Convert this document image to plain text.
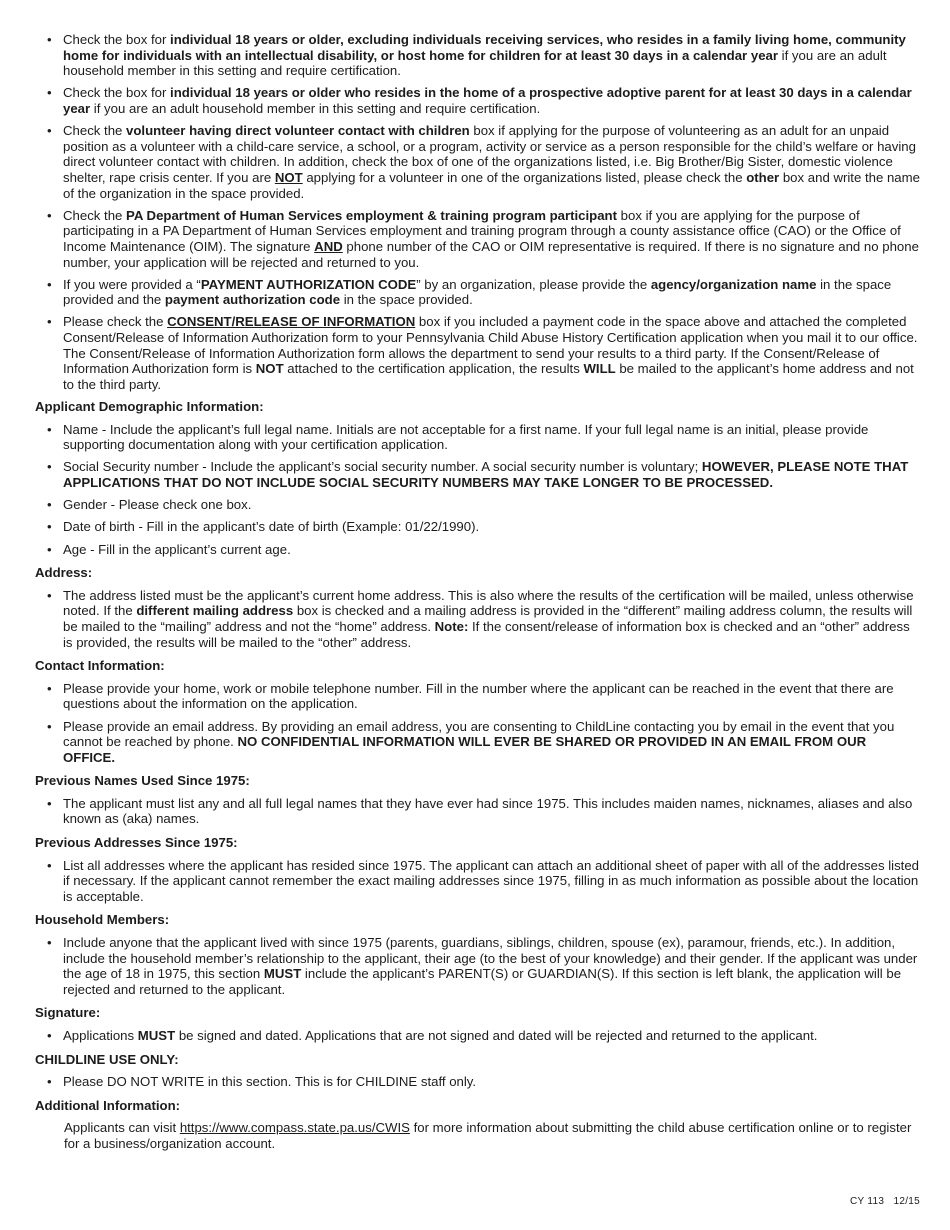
• Check the box for individual 18 years or older, excluding individuals receiving services, who resides in a family living home, community home for individuals with an intellectual disability, or host home for children for at least 30 days in a calendar year if you are an adult household member in this setting and require certification.
• Check the box for individual 18 years or older who resides in the home of a prospective adoptive parent for at least 30 days in a calendar year if you are an adult household member in this setting and require certification.
• Check the volunteer having direct volunteer contact with children box if applying for the purpose of volunteering as an adult for an unpaid position as a volunteer with a child-care service, a school, or a program, activity or service as a person responsible for the child’s welfare or having direct volunteer contact with children. In addition, check the box of one of the organizations listed, i.e. Big Brother/Big Sister, domestic violence shelter, rape crisis center. If you are NOT applying for a volunteer in one of the organizations listed, please check the other box and write the name of the organization in the space provided.
• Check the PA Department of Human Services employment & training program participant box if you are applying for the purpose of participating in a PA Department of Human Services employment and training program through a county assistance office (CAO) or the Office of Income Maintenance (OIM). The signature AND phone number of the CAO or OIM representative is required. If there is no signature and no phone number, your application will be rejected and returned to you.
• If you were provided a “PAYMENT AUTHORIZATION CODE” by an organization, please provide the agency/organization name in the space provided and the payment authorization code in the space provided.
• Please check the CONSENT/RELEASE OF INFORMATION box if you included a payment code in the space above and attached the completed Consent/Release of Information Authorization form to your Pennsylvania Child Abuse History Certification application when you mail it to our office. The Consent/Release of Information Authorization form allows the department to send your results to a third party. If the Consent/Release of Information Authorization form is NOT attached to the certification application, the results WILL be mailed to the applicant’s home address and not to the third party.
Applicant Demographic Information:
• Name - Include the applicant’s full legal name. Initials are not acceptable for a first name. If your full legal name is an initial, please provide supporting documentation along with your certification application.
• Social Security number - Include the applicant’s social security number. A social security number is voluntary; HOWEVER, PLEASE NOTE THAT APPLICATIONS THAT DO NOT INCLUDE SOCIAL SECURITY NUMBERS MAY TAKE LONGER TO BE PROCESSED.
• Gender - Please check one box.
• Date of birth - Fill in the applicant’s date of birth (Example: 01/22/1990).
• Age - Fill in the applicant’s current age.
Address:
• The address listed must be the applicant’s current home address. This is also where the results of the certification will be mailed, unless otherwise noted. If the different mailing address box is checked and a mailing address is provided in the “different” mailing address column, the results will be mailed to the “mailing” address and not the “home” address. Note: If the consent/release of information box is checked and an “other” address is provided, the results will be mailed to the “other” address.
Contact Information:
• Please provide your home, work or mobile telephone number. Fill in the number where the applicant can be reached in the event that there are questions about the information on the application.
• Please provide an email address. By providing an email address, you are consenting to ChildLine contacting you by email in the event that you cannot be reached by phone. NO CONFIDENTIAL INFORMATION WILL EVER BE SHARED OR PROVIDED IN AN EMAIL FROM OUR OFFICE.
Previous Names Used Since 1975:
• The applicant must list any and all full legal names that they have ever had since 1975. This includes maiden names, nicknames, aliases and also known as (aka) names.
Previous Addresses Since 1975:
• List all addresses where the applicant has resided since 1975. The applicant can attach an additional sheet of paper with all of the addresses listed if necessary. If the applicant cannot remember the exact mailing addresses since 1975, filling in as much information as possible about the location is acceptable.
Household Members:
• Include anyone that the applicant lived with since 1975 (parents, guardians, siblings, children, spouse (ex), paramour, friends, etc.). In addition, include the household member’s relationship to the applicant, their age (to the best of your knowledge) and their gender. If the applicant was under the age of 18 in 1975, this section MUST include the applicant’s PARENT(S) or GUARDIAN(S). If this section is left blank, the application will be rejected and returned to the applicant.
Signature:
• Applications MUST be signed and dated. Applications that are not signed and dated will be rejected and returned to the applicant.
CHILDLINE USE ONLY:
• Please DO NOT WRITE in this section. This is for CHILDINE staff only.
Additional Information:
Applicants can visit https://www.compass.state.pa.us/CWIS for more information about submitting the child abuse certification online or to register for a business/organization account.
CY 113 12/15
